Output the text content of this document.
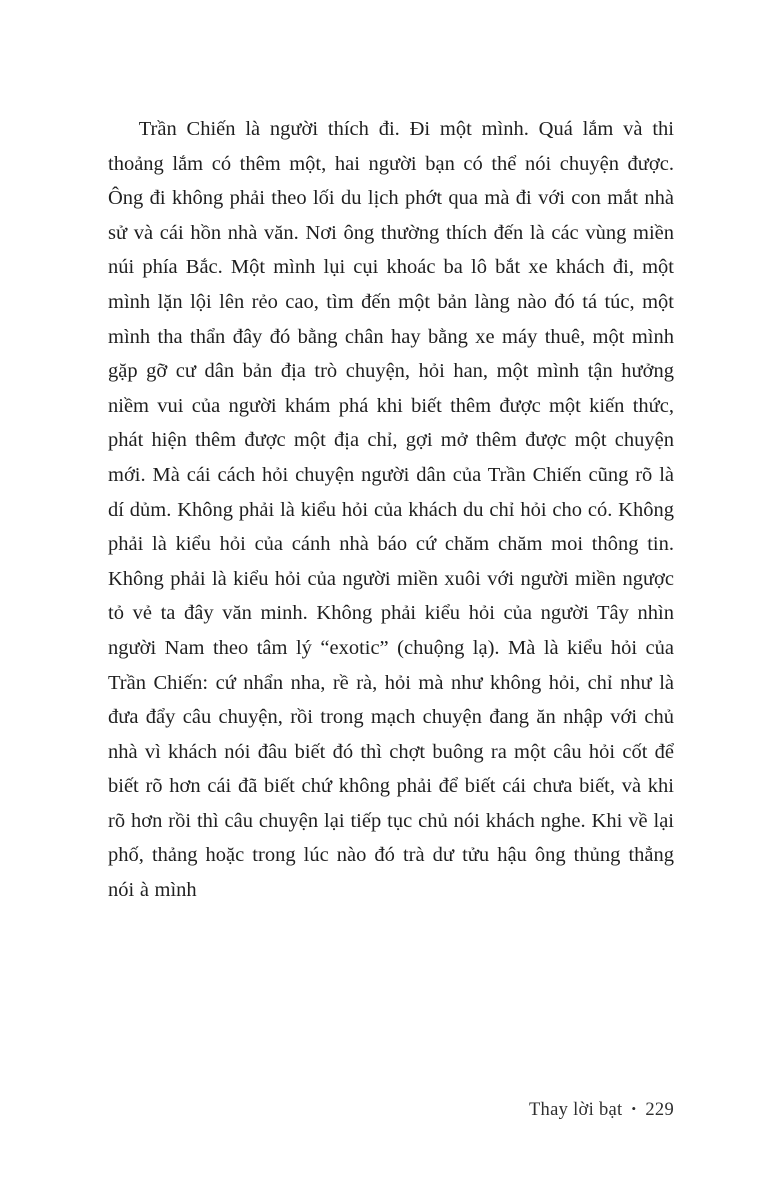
Trần Chiến là người thích đi. Đi một mình. Quá lắm và thi thoảng lắm có thêm một, hai người bạn có thể nói chuyện được. Ông đi không phải theo lối du lịch phớt qua mà đi với con mắt nhà sử và cái hồn nhà văn. Nơi ông thường thích đến là các vùng miền núi phía Bắc. Một mình lụi cụi khoác ba lô bắt xe khách đi, một mình lặn lội lên rẻo cao, tìm đến một bản làng nào đó tá túc, một mình tha thẩn đây đó bằng chân hay bằng xe máy thuê, một mình gặp gỡ cư dân bản địa trò chuyện, hỏi han, một mình tận hưởng niềm vui của người khám phá khi biết thêm được một kiến thức, phát hiện thêm được một địa chỉ, gợi mở thêm được một chuyện mới. Mà cái cách hỏi chuyện người dân của Trần Chiến cũng rõ là dí dủm. Không phải là kiểu hỏi của khách du chỉ hỏi cho có. Không phải là kiểu hỏi của cánh nhà báo cứ chăm chăm moi thông tin. Không phải là kiểu hỏi của người miền xuôi với người miền ngược tỏ vẻ ta đây văn minh. Không phải kiểu hỏi của người Tây nhìn người Nam theo tâm lý “exotic” (chuộng lạ). Mà là kiểu hỏi của Trần Chiến: cứ nhẩn nha, rề rà, hỏi mà như không hỏi, chỉ như là đưa đẩy câu chuyện, rồi trong mạch chuyện đang ăn nhập với chủ nhà vì khách nói đâu biết đó thì chợt buông ra một câu hỏi cốt để biết rõ hơn cái đã biết chứ không phải để biết cái chưa biết, và khi rõ hơn rồi thì câu chuyện lại tiếp tục chủ nói khách nghe. Khi về lại phố, thảng hoặc trong lúc nào đó trà dư tửu hậu ông thủng thẳng nói à mình

Thay lời bạt • 229
